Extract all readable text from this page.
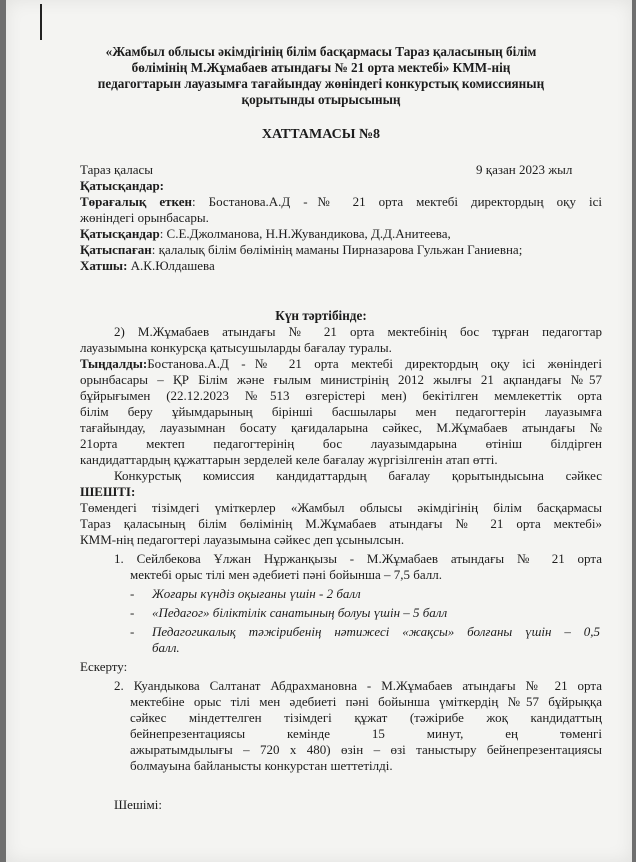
«Жамбыл облысы әкімдігінің білім басқармасы Тараз қаласының білім
бөлімінің М.Жұмабаев атындағы № 21 орта мектебі» КММ-нің
педагогтарын лауазымға тағайындау жөніндегі конкурстық комиссияның
қорытынды отырысының
ХАТТАМАСЫ №8
Тараз қаласы	9 қазан 2023 жыл
Қатысқандар:
Төрағалық еткен: Бостанова.А.Д -№ 21 орта мектебі директордың оқу ісі
жөніндегі орынбасары.
Қатысқандар: С.Е.Джолманова, Н.Н.Жувандикова, Д.Д.Анитеева,
Қатыспаған: қалалық білім бөлімінің маманы Пирназарова Гульжан Ганиевна;
Хатшы: А.К.Юлдашева
Күн тәртібінде:
2) М.Жұмабаев атындағы № 21 орта мектебінің бос тұрған педагогтар
лауазымына конкурсқа қатысушыларды бағалау туралы.
Тыңдалды:Бостанова.А.Д -№ 21 орта мектебі директордың оқу ісі жөніндегі
орынбасары – ҚР Білім және ғылым министрінің 2012 жылғы 21 ақпандағы №57
бұйрығымен (22.12.2023 №513 өзгерістері мен) бекітілген мемлекеттік орта
білім беру ұйымдарының бірінші басшылары мен педагогтерін лауазымға
тағайындау, лауазымнан босату қағидаларына сәйкес, М.Жұмабаев атындағы №
21орта мектеп педагогтерінің бос лауазымдарына өтініш білдірген
кандидаттардың құжаттарын зерделей келе бағалау жүргізілгенін атап өтті.
Конкурстық комиссия кандидаттардың бағалау қорытындысына сәйкес
ШЕШТІ:
Төмендегі тізімдегі үміткерлер «Жамбыл облысы әкімдігінің білім басқармасы
Тараз қаласының білім бөлімінің М.Жұмабаев атындағы № 21 орта мектебі»
КММ-нің педагогтері лауазымына сәйкес деп ұсынылсын.
1. Сейлбекова Ұлжан Нұржанқызы - М.Жұмабаев атындағы № 21 орта
мектебі орыс тілі мен әдебиеті пәні бойынша – 7,5 балл.
- Жоғары күндіз оқығаны үшін - 2 балл
- «Педагог» біліктілік санатының болуы үшін – 5 балл
- Педагогикалық тәжірибенің нәтижесі «жақсы» болғаны үшін – 0,5
балл.
Ескерту:
2. Куандыкова Салтанат Абдрахмановна - М.Жұмабаев атындағы № 21 орта
мектебіне орыс тілі мен әдебиеті пәні бойынша үміткердің №57 бұйрыққа
сәйкес міндеттелген тізімдегі құжат (тәжірибе жоқ кандидаттың
бейнепрезентациясы кемінде 15 минут, ең төменгі
ажыратымдылығы – 720 х 480) өзін – өзі таныстыру бейнепрезентациясы
болмауына байланысты конкурстан шеттетілді.
Шешімі:
